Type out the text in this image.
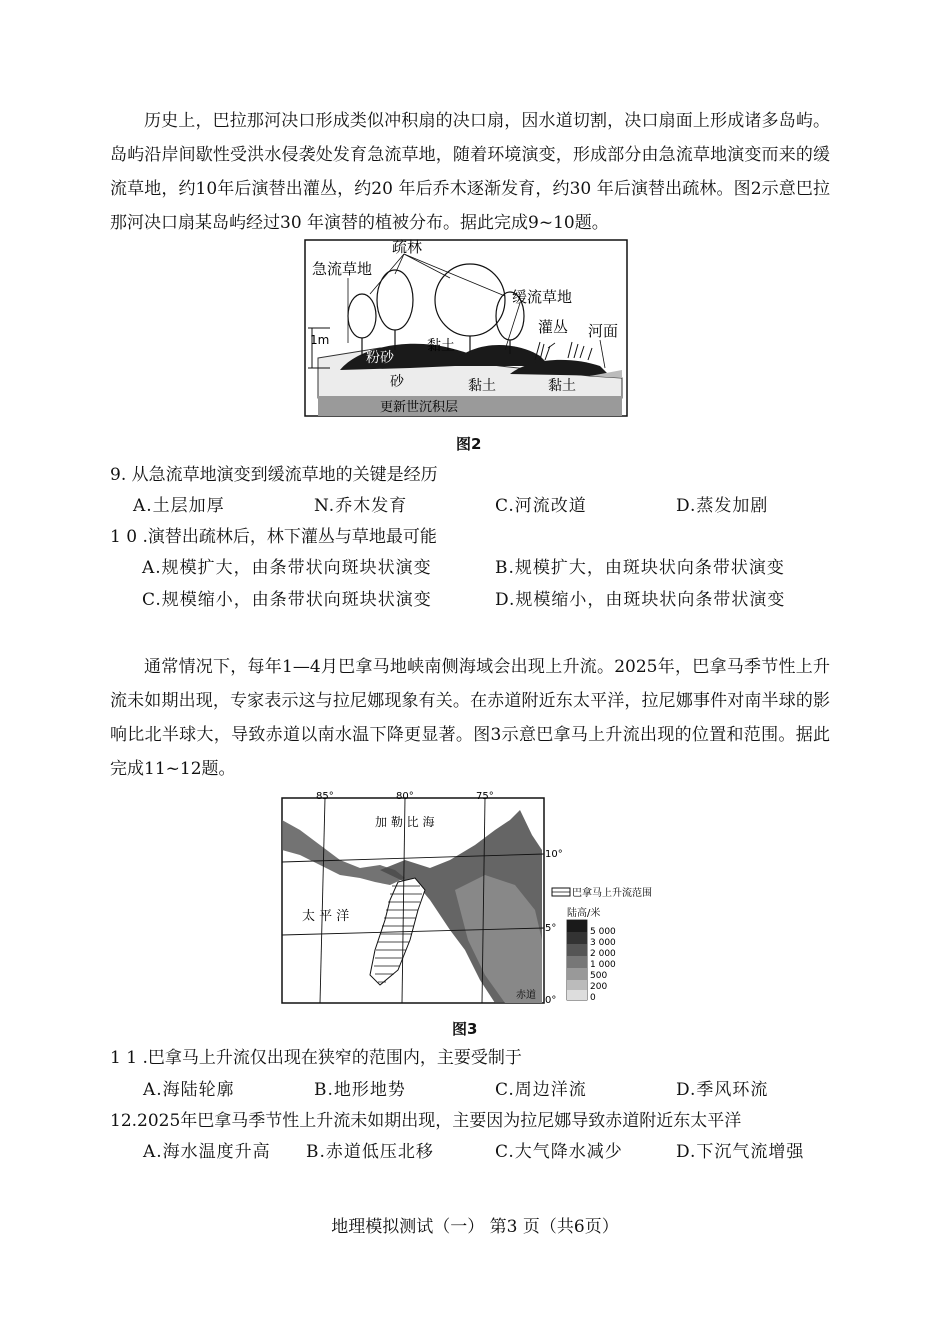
历史上，巴拉那河决口形成类似冲积扇的决口扇，因水道切割，决口扇面上形成诸多岛屿。岛屿沿岸间歇性受洪水侵袭处发育急流草地，随着环境演变，形成部分由急流草地演变而来的缓流草地，约10年后演替出灌丛，约20 年后乔木逐渐发育，约30 年后演替出疏林。图2示意巴拉那河决口扇某岛屿经过30 年演替的植被分布。据此完成9~10题。
疏林
急流草地
缓流草地
灌丛 河面
1m
粉砂
黏土
砂	黏土	黏土
更新世沉积层
图2
9. 从急流草地演变到缓流草地的关键是经历
A.土层加厚	N.乔木发育	C.河流改道	D.蒸发加剧
1 0 .演替出疏林后，林下灌丛与草地最可能
A.规模扩大，由条带状向斑块状演变	B.规模扩大，由斑块状向条带状演变
C.规模缩小，由条带状向斑块状演变	D.规模缩小，由斑块状向条带状演变
通常情况下，每年1—4月巴拿马地峡南侧海域会出现上升流。2025年，巴拿马季节性上升流未如期出现，专家表示这与拉尼娜现象有关。在赤道附近东太平洋，拉尼娜事件对南半球的影响比北半球大，导致赤道以南水温下降更显著。图3示意巴拿马上升流出现的位置和范围。据此完成11~12题。
85°	80°	75°
10°
5°
0°
加 勒 比 海
太 平 洋
赤道
巴拿马上升流范围
陆高/米
5 000
3 000
2 000
1 000
500
200
0
图3
1 1 .巴拿马上升流仅出现在狭窄的范围内，主要受制于
A.海陆轮廓	B.地形地势	C.周边洋流	D.季风环流
12.2025年巴拿马季节性上升流未如期出现，主要因为拉尼娜导致赤道附近东太平洋
A.海水温度升高 B.赤道低压北移	C.大气降水减少	D.下沉气流增强
地理模拟测试（一） 第3 页（共6页）
